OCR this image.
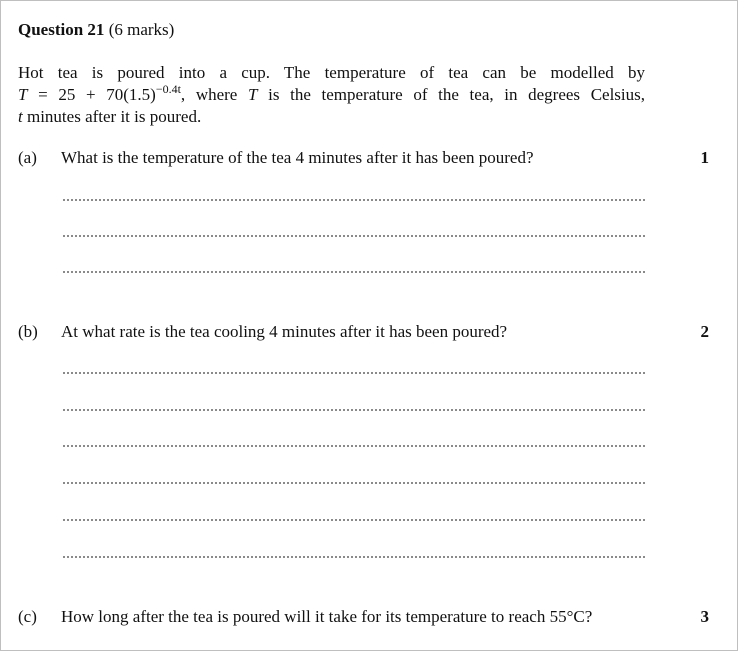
Question 21 (6 marks)
Hot tea is poured into a cup. The temperature of tea can be modelled by
$T = 25 + 70(1.5)^{-0.4t}$, where T is the temperature of the tea, in degrees Celsius,
t minutes after it is poured.
(a) What is the temperature of the tea 4 minutes after it has been poured?	1
(b) At what rate is the tea cooling 4 minutes after it has been poured?	2
(c) How long after the tea is poured will it take for its temperature to reach 55°C?	3
